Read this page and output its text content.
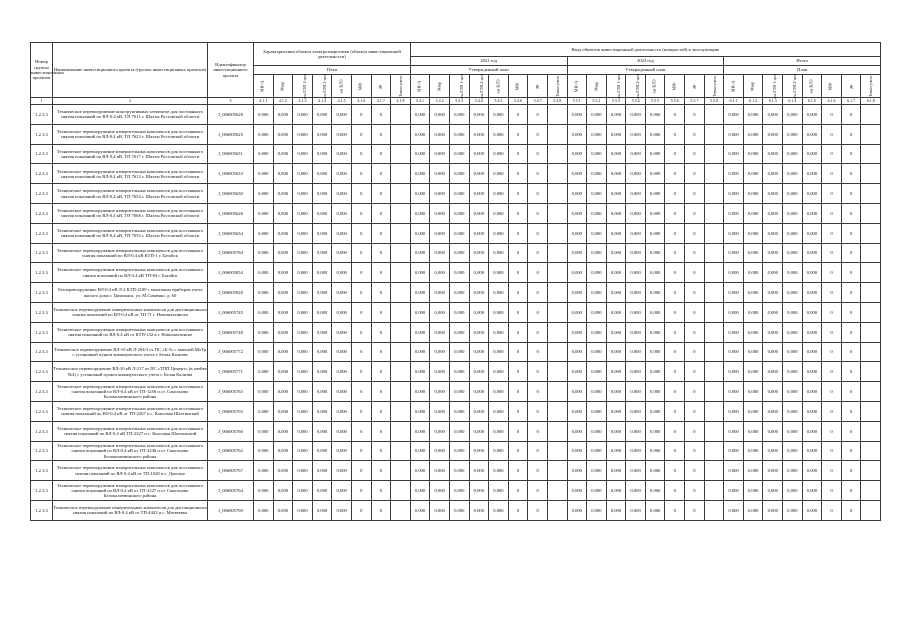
Номер группы инвестиционных проектов	Наименование инвестиционного проекта (группы инвестиционных проектов)	Идентификатор инвестиционного проекта	Характеристики объекта электроэнергетики (объекта инвестиционной деятельности)								Ввод объектов инвестиционной деятельности (мощностей) в эксплуатацию																							
											2021 год								2023 год								Итого							
			План								Утвержденный план								Утвержденный план								План							
			МВ×А	Мвар	км ЛЭП 1-цеп	км ЛЭП 2-цеп	км КЛЭ	МВт	др.	Точки учета	МВ×А	Мвар	км ЛЭП 1-цеп	км ЛЭП 2-цеп	км КЛЭ	МВт	др.	Точки учета	МВ×А	Мвар	км ЛЭП 1-цеп	км ЛЭП 2-цеп	км КЛЭ	МВт	др.	Точки учета	МВ×А	Мвар	км ЛЭП 1-цеп	км ЛЭП 2-цеп	км КЛЭ	МВт	др.	Точки учета
1	2	3	4.1.1	4.1.2	4.1.3	4.1.4	4.1.5	4.1.6	4.1.7	4.1.8	5.4.1	5.4.2	5.4.3	5.4.4	5.4.5	5.4.6	5.4.7	5.4.8	5.5.1	5.5.2	5.5.3	5.5.4	5.5.5	5.5.6	5.5.7	5.5.8	6.1.1	6.1.2	6.1.3	6.1.4	6.1.5	6.1.6	6.1.7	6.1.8
1.2.3.3	Техническое перевооружение конструктивных элементов для постоянного снятия показаний по ВЛ-0,4 кВ, ТП 7611 г. Шахты Ростовской области	J_006005628	0,000	0,000	0,000	0,000	0,000	0	0		0,000	0,000	0,000	0,000	0,000	0	0		0,000	0,000	0,000	0,000	0,000	0	0		0,000	0,000	0,000	0,000	0,000	0	0	
1.2.3.3	Техническое перевооружение измерительных комплексов для постоянного снятия показаний по ВЛ-0,4 кВ, ТП 7623 г. Шахты Ростовской области	J_006005625	0,000	0,000	0,000	0,000	0,000	0	0		0,000	0,000	0,000	0,000	0,000	0	0		0,000	0,000	0,000	0,000	0,000	0	0		0,000	0,000	0,000	0,000	0,000	0	0	
1.2.3.3	Техническое перевооружение измерительных комплексов для постоянного снятия показаний по ВЛ-0,4 кВ, ТП 7617 г. Шахты Ростовской области	J_006005631	0,000	0,000	0,000	0,000	0,000	0	0		0,000	0,000	0,000	0,000	0,000	0	0		0,000	0,000	0,000	0,000	0,000	0	0		0,000	0,000	0,000	0,000	0,000	0	0	
1.2.3.3	Техническое перевооружение измерительных комплексов для постоянного снятия показаний по ВЛ-0,4 кВ, ТП 7612 г. Шахты Ростовской области	J_006005633	0,000	0,000	0,000	0,000	0,000	0	0		0,000	0,000	0,000	0,000	0,000	0	0		0,000	0,000	0,000	0,000	0,000	0	0		0,000	0,000	0,000	0,000	0,000	0	0	
1.2.3.3	Техническое перевооружение измерительных комплексов для постоянного снятия показаний по ВЛ-0,4 кВ, ТП 7654 г. Шахты Ростовской области	J_006005630	0,000	0,000	0,000	0,000	0,000	0	0		0,000	0,000	0,000	0,000	0,000	0	0		0,000	0,000	0,000	0,000	0,000	0	0		0,000	0,000	0,000	0,000	0,000	0	0	
1.2.3.3	Техническое перевооружение измерительных комплексов для постоянного снятия показаний по ВЛ-0,4 кВ, ТП 7668 г. Шахты Ростовской области	J_006005626	0,000	0,000	0,000	0,000	0,000	0	0		0,000	0,000	0,000	0,000	0,000	0	0		0,000	0,000	0,000	0,000	0,000	0	0		0,000	0,000	0,000	0,000	0,000	0	0	
1.2.3.3	Техническое перевооружение измерительных комплексов для постоянного снятия показаний по ВЛ-0,4 кВ, ТП 7652 г. Шахты Ростовской области	J_006005634	0,000	0,000	0,000	0,000	0,000	0	0		0,000	0,000	0,000	0,000	0,000	0	0		0,000	0,000	0,000	0,000	0,000	0	0		0,000	0,000	0,000	0,000	0,000	0	0	
1.2.3.3	Техническое перевооружение измерительных комплексов для постоянного снятия показаний по ВЛ-0,4 кВ КТП-1 г. Батайск	J_006005784	0,000	0,000	0,000	0,000	0,000	0	0		0,000	0,000	0,000	0,000	0,000	0	0		0,000	0,000	0,000	0,000	0,000	0	0		0,000	0,000	0,000	0,000	0,000	0	0	
1.2.3.3	Техническое перевооружение измерительных комплексов для постоянного снятия показаний по ВЛ-0,4 кВ ТП-84 г. Батайск	J_006005854	0,000	0,000	0,000	0,000	0,000	0	0		0,000	0,000	0,000	0,000	0,000	0	0		0,000	0,000	0,000	0,000	0,000	0	0		0,000	0,000	0,000	0,000	0,000	0	0	
1.2.3.3	Техперевооружение ВЛ-0,4 кВ Л-2 КТП-2189 с монтажом приборов учета жилого дома г. Цимлянск, ул. М.Сименко, д. 60	J_006005828	0,000	0,000	0,000	0,000	0,000	0	0		0,000	0,000	0,000	0,000	0,000	0	0		0,000	0,000	0,000	0,000	0,000	0	0		0,000	0,000	0,000	0,000	0,000	0	0	
1.2.3.3	Техническое перевооружение измерительных комплексов для дистанционного снятия показаний по ВЛ-0,4 кВ от ТП 71 г. Новошахтинска	J_006005745	0,000	0,000	0,000	0,000	0,000	0	0		0,000	0,000	0,000	0,000	0,000	0	0		0,000	0,000	0,000	0,000	0,000	0	0		0,000	0,000	0,000	0,000	0,000	0	0	
1.2.3.3	Техническое перевооружение измерительных комплексов для постоянного снятия показаний по ВЛ-0,4 кВ от КТП-132 в г. Новошахтинске	J_006005748	0,000	0,000	0,000	0,000	0,000	0	0		0,000	0,000	0,000	0,000	0,000	0	0		0,000	0,000	0,000	0,000	0,000	0	0		0,000	0,000	0,000	0,000	0,000	0	0	
1.2.3.3	Техническое перевооружение ВЛ-10 кВ Л-294/3 от ПС «Б-3» с заменой МоТр с установкой пункта коммерческого учета г. Белая Калитва	J_006005772	0,000	0,000	0,000	0,000	0,000	0	0		0,000	0,000	0,000	0,000	0,000	0	0		0,000	0,000	0,000	0,000	0,000	0	0		0,000	0,000	0,000	0,000	0,000	0	0	
1.2.3.3	Техническое перевооружение ВЛ-10 кВ Л-217 от ПС «ТПП Цемент» (в ячейке №4) с установкой пункта коммерческого учета г. Белая Калитва	J_006005771	0,000	0,000	0,000	0,000	0,000	0	0		0,000	0,000	0,000	0,000	0,000	0	0		0,000	0,000	0,000	0,000	0,000	0	0		0,000	0,000	0,000	0,000	0,000	0	0	
1.2.3.3	Техническое перевооружение измерительных комплексов для постоянного снятия показаний по ВЛ-0,4 кВ от ТП-1256 п.ст. Самсоново Белокалитвинского района	J_006005763	0,000	0,000	0,000	0,000	0,000	0	0		0,000	0,000	0,000	0,000	0,000	0	0		0,000	0,000	0,000	0,000	0,000	0	0		0,000	0,000	0,000	0,000	0,000	0	0	
1.2.3.3	Техническое перевооружение измерительных комплексов для постоянного снятия показаний по ВЛ-0,4 кВ от ТП-2267 п.с. Коксовая Шахтинский	J_006005765	0,000	0,000	0,000	0,000	0,000	0	0		0,000	0,000	0,000	0,000	0,000	0	0		0,000	0,000	0,000	0,000	0,000	0	0		0,000	0,000	0,000	0,000	0,000	0	0	
1.2.3.3	Техническое перевооружение измерительных комплексов для постоянного снятия показаний по ВЛ-0,4 кВ ТП-2227 п.с. Коксовая Шахтинский	J_006005766	0,000	0,000	0,000	0,000	0,000	0	0		0,000	0,000	0,000	0,000	0,000	0	0		0,000	0,000	0,000	0,000	0,000	0	0		0,000	0,000	0,000	0,000	0,000	0	0	
1.2.3.3	Техническое перевооружение измерительных комплексов для постоянного снятия показаний по ВЛ-0,4 кВ от ТП-2248 п.ст. Самсоново Белокалитвинского района	J_006005762	0,000	0,000	0,000	0,000	0,000	0	0		0,000	0,000	0,000	0,000	0,000	0	0		0,000	0,000	0,000	0,000	0,000	0	0		0,000	0,000	0,000	0,000	0,000	0	0	
1.2.3.3	Техническое перевооружение измерительных комплексов для постоянного снятия показаний по ВЛ-0,4 кВ от ТП-1028 п.с. Донское	J_006005767	0,000	0,000	0,000	0,000	0,000	0	0		0,000	0,000	0,000	0,000	0,000	0	0		0,000	0,000	0,000	0,000	0,000	0	0		0,000	0,000	0,000	0,000	0,000	0	0	
1.2.3.3	Техническое перевооружение измерительных комплексов для постоянного снятия показаний по ВЛ-0,4 кВ от ТП-3227 п.ст. Самсоново Белокалитвинского района	J_006005764	0,000	0,000	0,000	0,000	0,000	0	0		0,000	0,000	0,000	0,000	0,000	0	0		0,000	0,000	0,000	0,000	0,000	0	0		0,000	0,000	0,000	0,000	0,000	0	0	
1.2.3.3	Техническое перевооружение измерительных комплексов для дистанционного снятия показаний по ВЛ-0,4 кВ от ТП-4443 п.с. Матвеевка	J_006005769	0,000	0,000	0,000	0,000	0,000	0	0		0,000	0,000	0,000	0,000	0,000	0	0		0,000	0,000	0,000	0,000	0,000	0	0		0,000	0,000	0,000	0,000	0,000	0	0	
